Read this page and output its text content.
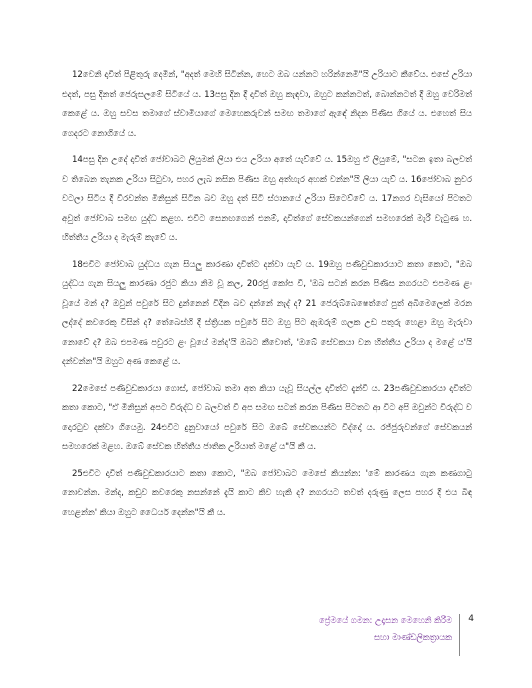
12වෙනි දාවිත් පිළිතුරු දෙමින්, "අදත් මෙහි සිටින්න, හෙට ඔබ යන්නට හරින්නෙමි"යි උරියාට කීවේය. එසේ උරියා එදත්, පසු දිනත් ජෙරුසලමේ සිටියේ ය. 13පසු දින දී දාවිත් ඔහු කැඳවා, ඔහුට කන්නටත්, බොන්නටත් දී ඔහු වෙරිමත් කෙළේ ය. ඔහු සවස තමාගේ ස්වාමියාගේ මෙහෙකරුවන් සමඟ තමාගේ ඇඳේ නිදන පිණිස ගියේ ය. එහෙත් සිය ගෙදරට නොගියේ ය.

14පසු දින උදේ දාවිත් ජෝවාබට ලියුමක් ලියා එය උරියා අතේ යැව්වේ ය. 15ඔහු ඒ ලියුමේ, "සටන ඉතා බලවත් ව තිබෙන තැනක උරියා සිටුවා, පහර ලැබ නසින පිණිස ඔහු අත්හැර අහක් වන්න"යි ලියා යැව් ය. 16ජෝවාබ නුවර වටලා සිටිය දී වීරවන්ත මිනිසුන් සිටින බව ඔහු දත් සිටි ස්ථානයේ උරියා සිටෙව්වේ ය. 17නගර වැසියෝ පිටතට අවුත් ජෝවාබ සමඟ යුද්ධ කළහ. එවිට සෙනඟගෙන් එනම්, දාවිත්ගේ සේවකයන්ගෙන් සමහරෙක් මැරී වැටුණ හ. හිත්තීය උරියා ද මැරුම් කැවේ ය.

18එවිට ජෝවාබ යුද්ධය ගැන සියලු කාරණා දාවිත්ට දන්වා යැව් ය. 19ඔහු පණිවුඩකාරයාට කතා කොට, "ඔබ යුද්ධය ගැන සියලු කාරණා රජුට කියා නිම වූ කල, 20රජු කෝප වී, 'ඔබ සටන් කරන පිණිස නගරයට එපමණ ළං වූයේ මන් ද? ඔවුන් පවුරේ සිට දුන්නෙන් විදින බව දන්නේ නැද් ද? 21 ජෙරුබ්බෙෂෙත්ගේ පුත් අබිමෙලෙක් මරන ලද්දේ කවරෙකු විසින් ද? තේබෙස්හි දී ස්ත්‍රියක පවුරේ සිට ඔහු පිට ඇඹරුම් ගලක උඩ පතුරු හෙළා ඔහු මැරුවා නොවේ ද? ඔබ එපමණ පවුරට ළං වූයේ මන්ද'යි ඔබට කීවොත්, 'ඔබේ සේවකයා වන හිත්තීය උරියා ද මළේ ය'යි දන්වන්න"යි ඔහුට අණ කෙළේ ය.

22මෙසේ පණිවුඩකාරයා ගොස්, ජෝවාබ තමා අත කියා යැවූ සියල්ල දාවිත්ට දැන්වී ය. 23පණිවුඩකාරයා දාවිත්ට කතා කොට, "ඒ මිනිසුන් අපට විරුද්ධ ව බලවත් වී අප සමඟ සටන් කරන පිණිස පිටතට ආ විට අපි ඔවුන්ට විරුද්ධ ව දොරටුව දක්වා ගියෙමු. 24එවිට දුනුවායෝ පවුරේ සිට ඔබේ සේවකයන්ට විද්දෝ ය. රජ්ජුරුවන්ගේ සේවකයන් සමහරෙක් මළහ. ඔබේ සේවක හිත්තීය ජාතික උරියාත් මළේ ය"යි කී ය.

25එවිට දාවිත් පණිවුඩකාරයාට කතා කොට, "ඔබ ජෝවාබට මෙසේ කියන්න: 'මේ කාරණය ගැන කණගාටු නොවන්න. මන්ද, කඩුව කවරෙකු නසන්නේ දැයි කාට කිව හැකි ද? නගරයට තවත් දරුණු ලෙස පහර දී එය බිඳ හෙළන්න' කියා ඔහුට ධෛර්ය දෙන්න"යි කී ය.

ප්‍රේමයේ ගමන: උදෑසන මෙහෙනි කිරීම
සහා මාණ්ඩලිකත්‍රායක
4
